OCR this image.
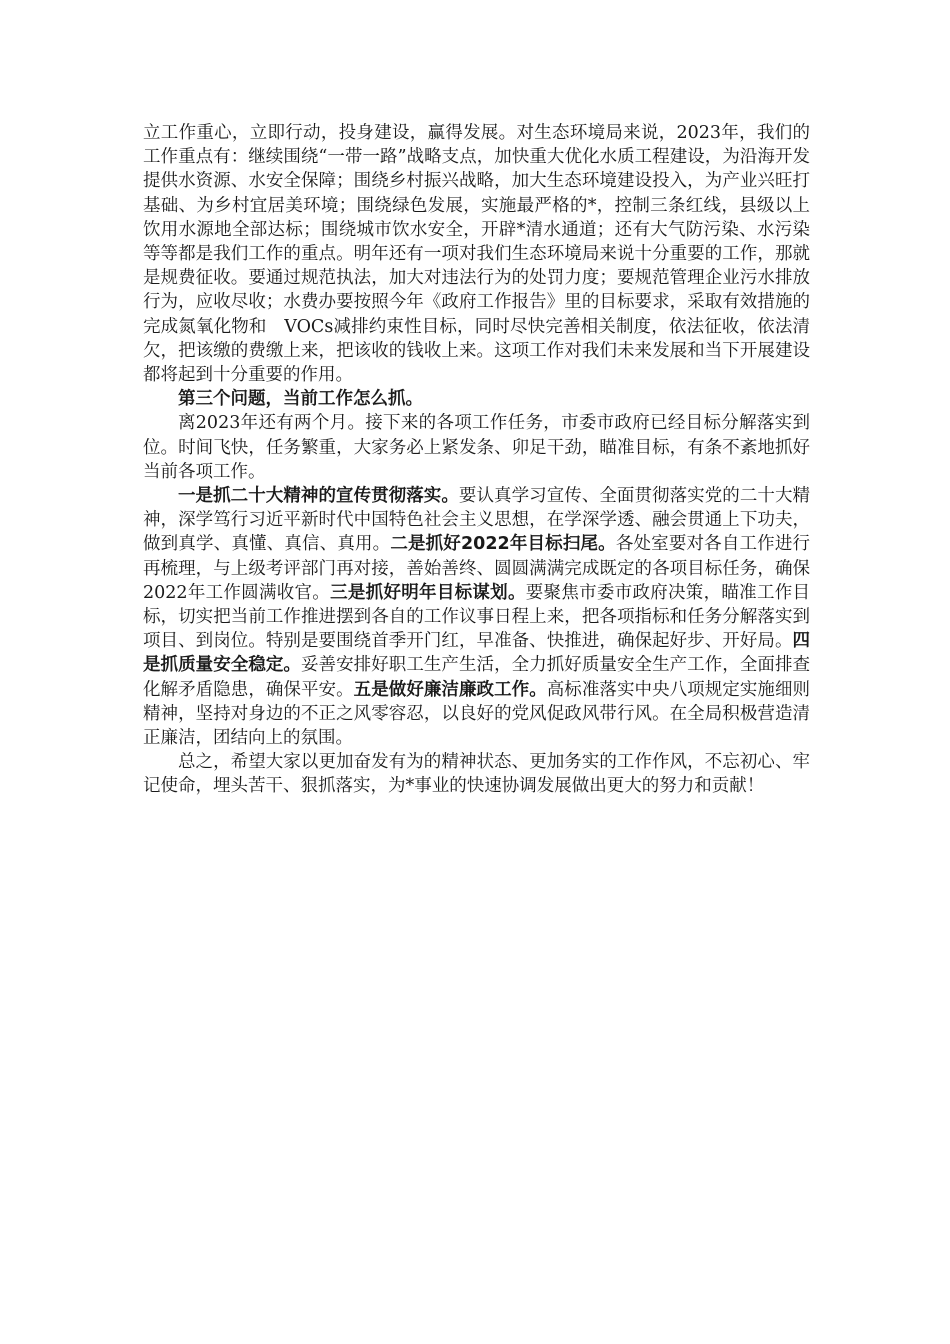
立工作重心，立即行动，投身建设，赢得发展。对生态环境局来说，2023年，我们的工作重点有：继续围绕“一带一路”战略支点，加快重大优化水质工程建设，为沿海开发提供水资源、水安全保障；围绕乡村振兴战略，加大生态环境建设投入，为产业兴旺打基础、为乡村宜居美环境；围绕绿色发展，实施最严格的*，控制三条红线，县级以上饮用水源地全部达标；围绕城市饮水安全，开辟*清水通道；还有大气防污染、水污染等等都是我们工作的重点。明年还有一项对我们生态环境局来说十分重要的工作，那就是规费征收。要通过规范执法，加大对违法行为的处罚力度；要规范管理企业污水排放行为，应收尽收；水费办要按照今年《政府工作报告》里的目标要求，采取有效措施的完成氮氧化物和　VOCs减排约束性目标，同时尽快完善相关制度，依法征收，依法清欠，把该缴的费缴上来，把该收的钱收上来。这项工作对我们未来发展和当下开展建设都将起到十分重要的作用。

第三个问题，当前工作怎么抓。

离2023年还有两个月。接下来的各项工作任务，市委市政府已经目标分解落实到位。时间飞快，任务繁重，大家务必上紧发条、卯足干劲，瞄准目标，有条不紊地抓好当前各项工作。

一是抓二十大精神的宣传贯彻落实。要认真学习宣传、全面贯彻落实党的二十大精神，深学笃行习近平新时代中国特色社会主义思想，在学深学透、融会贯通上下功夫，做到真学、真懂、真信、真用。二是抓好2022年目标扫尾。各处室要对各自工作进行再梳理，与上级考评部门再对接，善始善终、圆圆满满完成既定的各项目标任务，确保2022年工作圆满收官。三是抓好明年目标谋划。要聚焦市委市政府决策，瞄准工作目标，切实把当前工作推进摆到各自的工作议事日程上来，把各项指标和任务分解落实到项目、到岗位。特别是要围绕首季开门红，早准备、快推进，确保起好步、开好局。四是抓质量安全稳定。妥善安排好职工生产生活，全力抓好质量安全生产工作，全面排查化解矛盾隐患，确保平安。五是做好廉洁廉政工作。高标准落实中央八项规定实施细则精神，坚持对身边的不正之风零容忍，以良好的党风促政风带行风。在全局积极营造清正廉洁，团结向上的氛围。

总之，希望大家以更加奋发有为的精神状态、更加务实的工作作风，不忘初心、牢记使命，埋头苦干、狠抓落实，为*事业的快速协调发展做出更大的努力和贡献！
